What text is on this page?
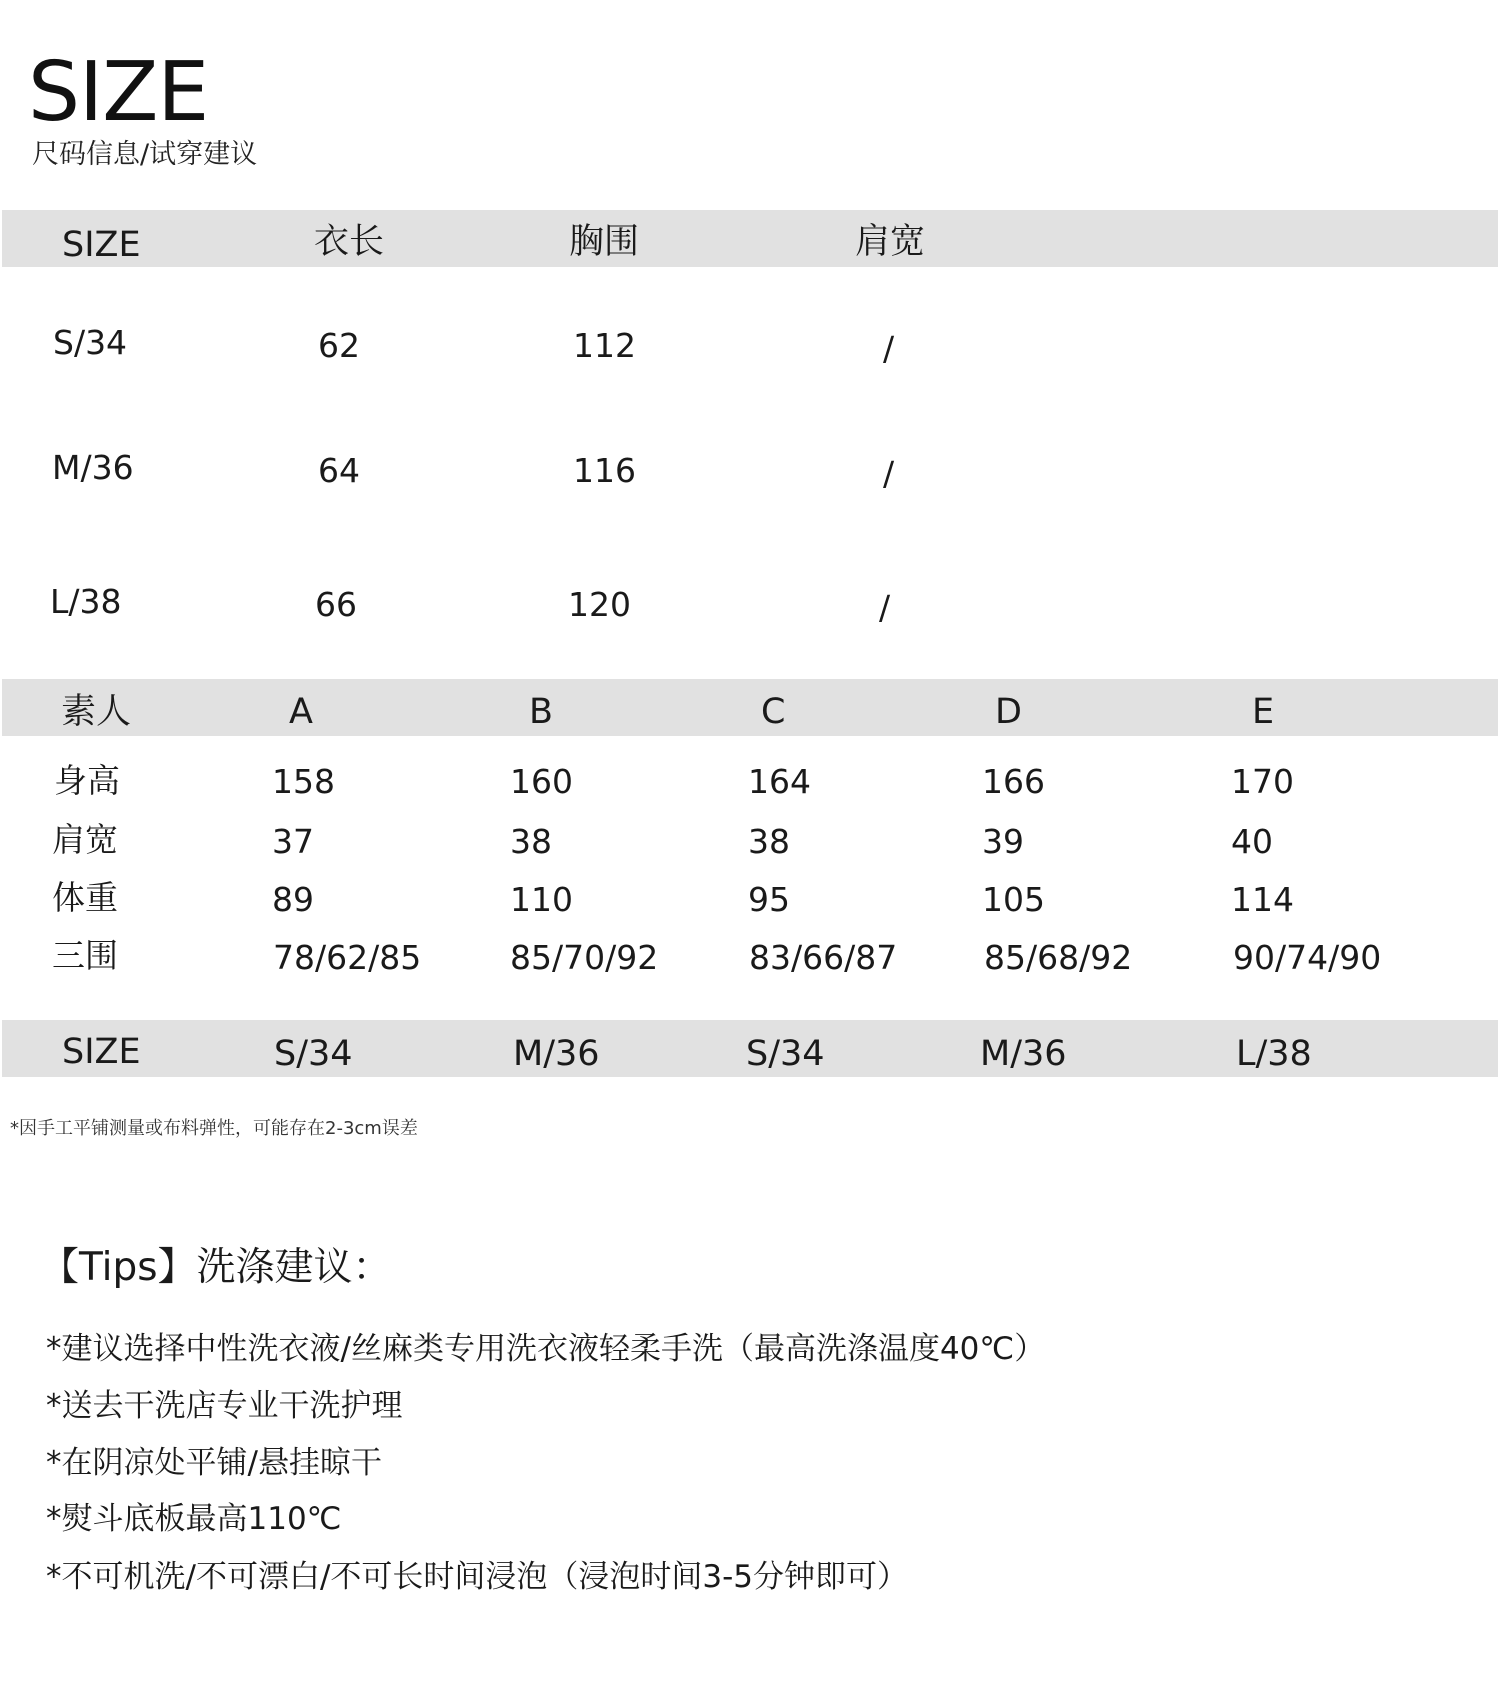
SIZE
尺码信息/试穿建议
SIZE	衣长	胸围	肩宽
S/34	62	112	/
M/36	64	116	/
L/38	66	120	/
素人	A	B	C	D	E
身高	158	160	164	166	170
肩宽	37	38	38	39	40
体重	89	110	95	105	114
三围	78/62/85	85/70/92	83/66/87	85/68/92	90/74/90
SIZE	S/34	M/36	S/34	M/36	L/38
*因手工平铺测量或布料弹性，可能存在2-3cm误差
【Tips】洗涤建议：
*建议选择中性洗衣液/丝麻类专用洗衣液轻柔手洗（最高洗涤温度40℃）
*送去干洗店专业干洗护理
*在阴凉处平铺/悬挂晾干
*熨斗底板最高110℃
*不可机洗/不可漂白/不可长时间浸泡（浸泡时间3-5分钟即可）
